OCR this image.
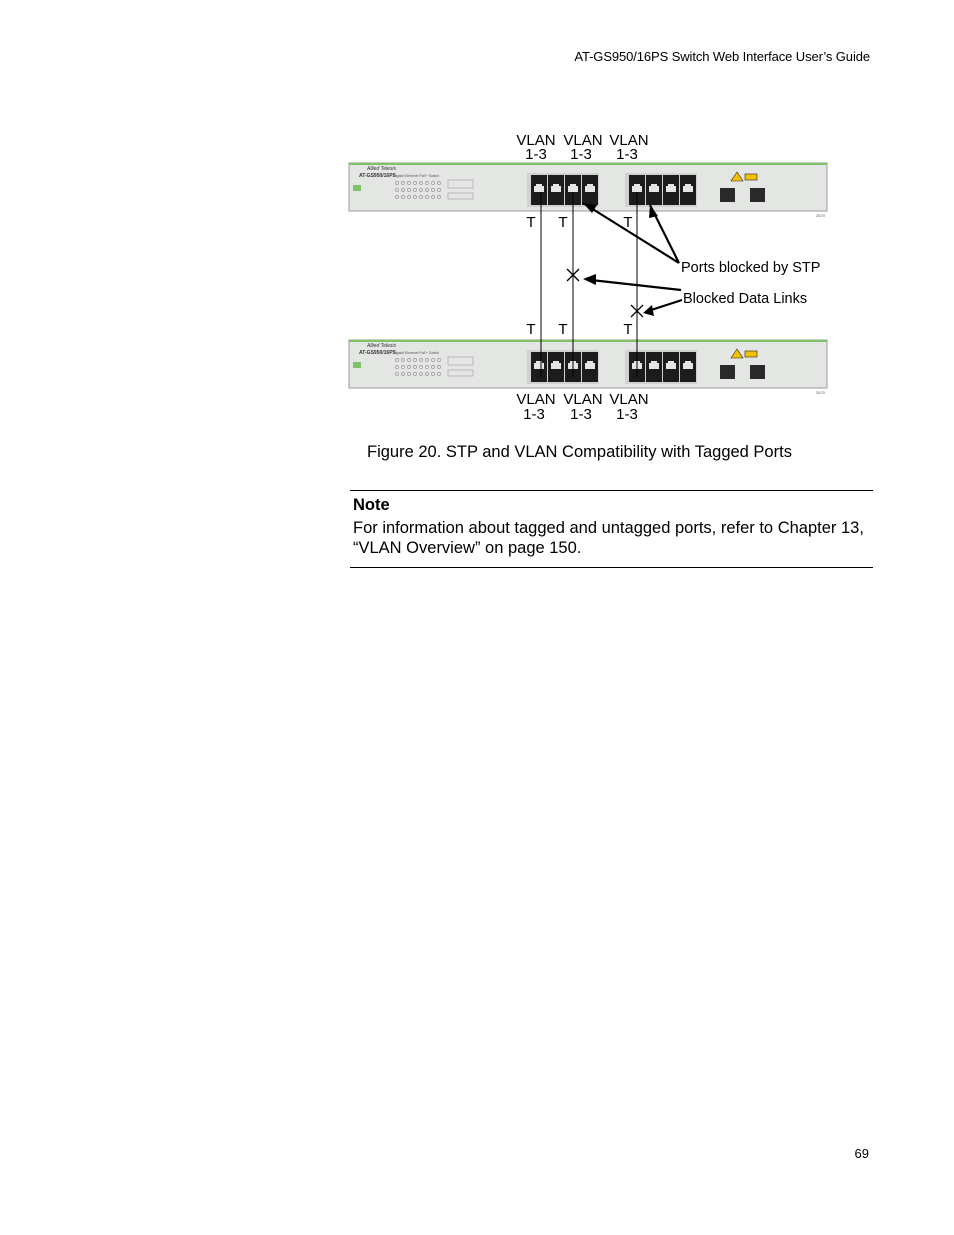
AT-GS950/16PS Switch Web Interface User’s Guide
VLAN
1-3
VLAN
1-3
VLAN
1-3
Allied Telesis
AT-GS950/16PS
Gigabit Ethernet PoE+ Switch
2670
Allied Telesis
AT-GS950/16PS
Gigabit Ethernet PoE+ Switch
2670
T T	T
T T	T
Ports blocked by STP
Blocked Data Links
VLAN
1-3
VLAN
1-3
VLAN
1-3
Figure 20. STP and VLAN Compatibility with Tagged Ports
Note
For information about tagged and untagged ports, refer to Chapter 13, “VLAN Overview” on page 150.
69
